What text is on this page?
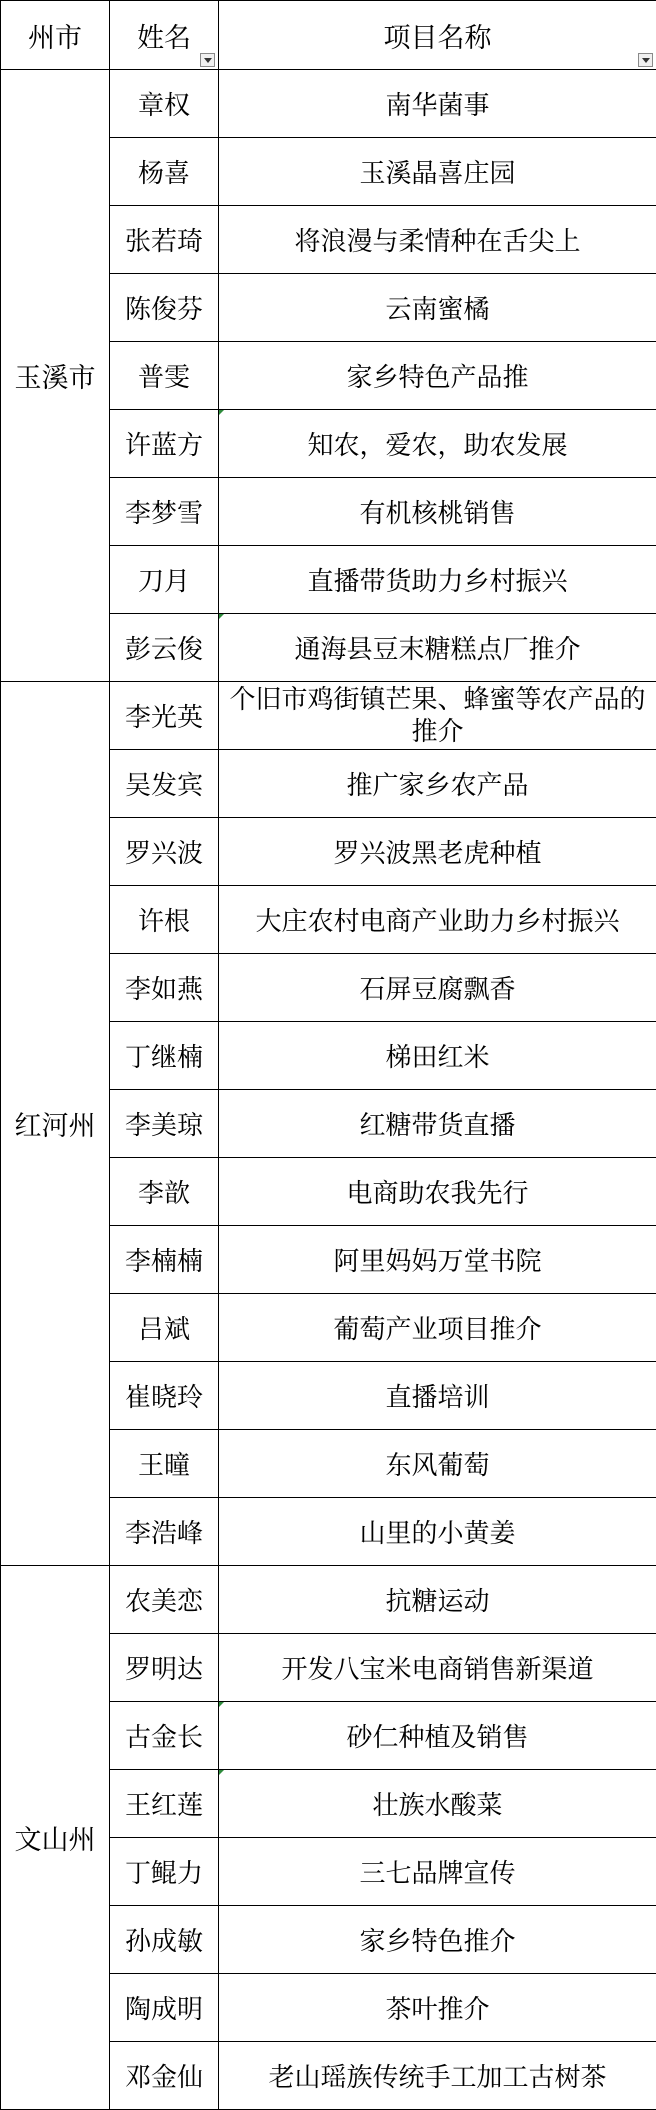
州市	姓名	项目名称

玉溪市	章权	南华菌事
	杨喜	玉溪晶喜庄园
	张若琦	将浪漫与柔情种在舌尖上
	陈俊芬	云南蜜橘
	普雯	家乡特色产品推
	许蓝方	知农，爱农，助农发展
	李梦雪	有机核桃销售
	刀月	直播带货助力乡村振兴
	彭云俊	通海县豆末糖糕点厂推介
红河州	李光英	个旧市鸡街镇芒果、蜂蜜等农产品的推介
	吴发宾	推广家乡农产品
	罗兴波	罗兴波黑老虎种植
	许根	大庄农村电商产业助力乡村振兴
	李如燕	石屏豆腐飘香
	丁继楠	梯田红米
	李美琼	红糖带货直播
	李歆	电商助农我先行
	李楠楠	阿里妈妈万堂书院
	吕斌	葡萄产业项目推介
	崔晓玲	直播培训
	王曈	东风葡萄
	李浩峰	山里的小黄姜
文山州	农美恋	抗糖运动
	罗明达	开发八宝米电商销售新渠道
	古金长	砂仁种植及销售
	王红莲	壮族水酸菜
	丁鲲力	三七品牌宣传
	孙成敏	家乡特色推介
	陶成明	茶叶推介
	邓金仙	老山瑶族传统手工加工古树茶
